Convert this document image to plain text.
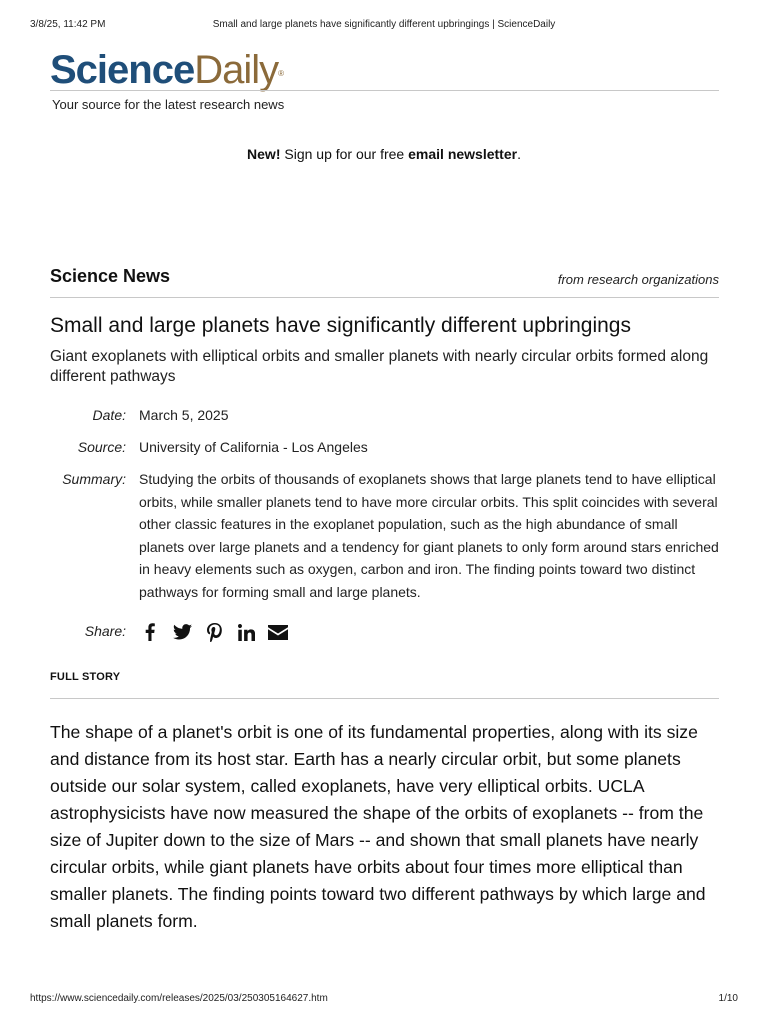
3/8/25, 11:42 PM	Small and large planets have significantly different upbringings | ScienceDaily
ScienceDaily®
Your source for the latest research news
New! Sign up for our free email newsletter.
Science News	from research organizations
Small and large planets have significantly different upbringings
Giant exoplanets with elliptical orbits and smaller planets with nearly circular orbits formed along different pathways
Date: March 5, 2025
Source: University of California - Los Angeles
Summary: Studying the orbits of thousands of exoplanets shows that large planets tend to have elliptical orbits, while smaller planets tend to have more circular orbits. This split coincides with several other classic features in the exoplanet population, such as the high abundance of small planets over large planets and a tendency for giant planets to only form around stars enriched in heavy elements such as oxygen, carbon and iron. The finding points toward two distinct pathways for forming small and large planets.
Share:
FULL STORY
The shape of a planet's orbit is one of its fundamental properties, along with its size and distance from its host star. Earth has a nearly circular orbit, but some planets outside our solar system, called exoplanets, have very elliptical orbits. UCLA astrophysicists have now measured the shape of the orbits of exoplanets -- from the size of Jupiter down to the size of Mars -- and shown that small planets have nearly circular orbits, while giant planets have orbits about four times more elliptical than smaller planets. The finding points toward two different pathways by which large and small planets form.
https://www.sciencedaily.com/releases/2025/03/250305164627.htm	1/10
